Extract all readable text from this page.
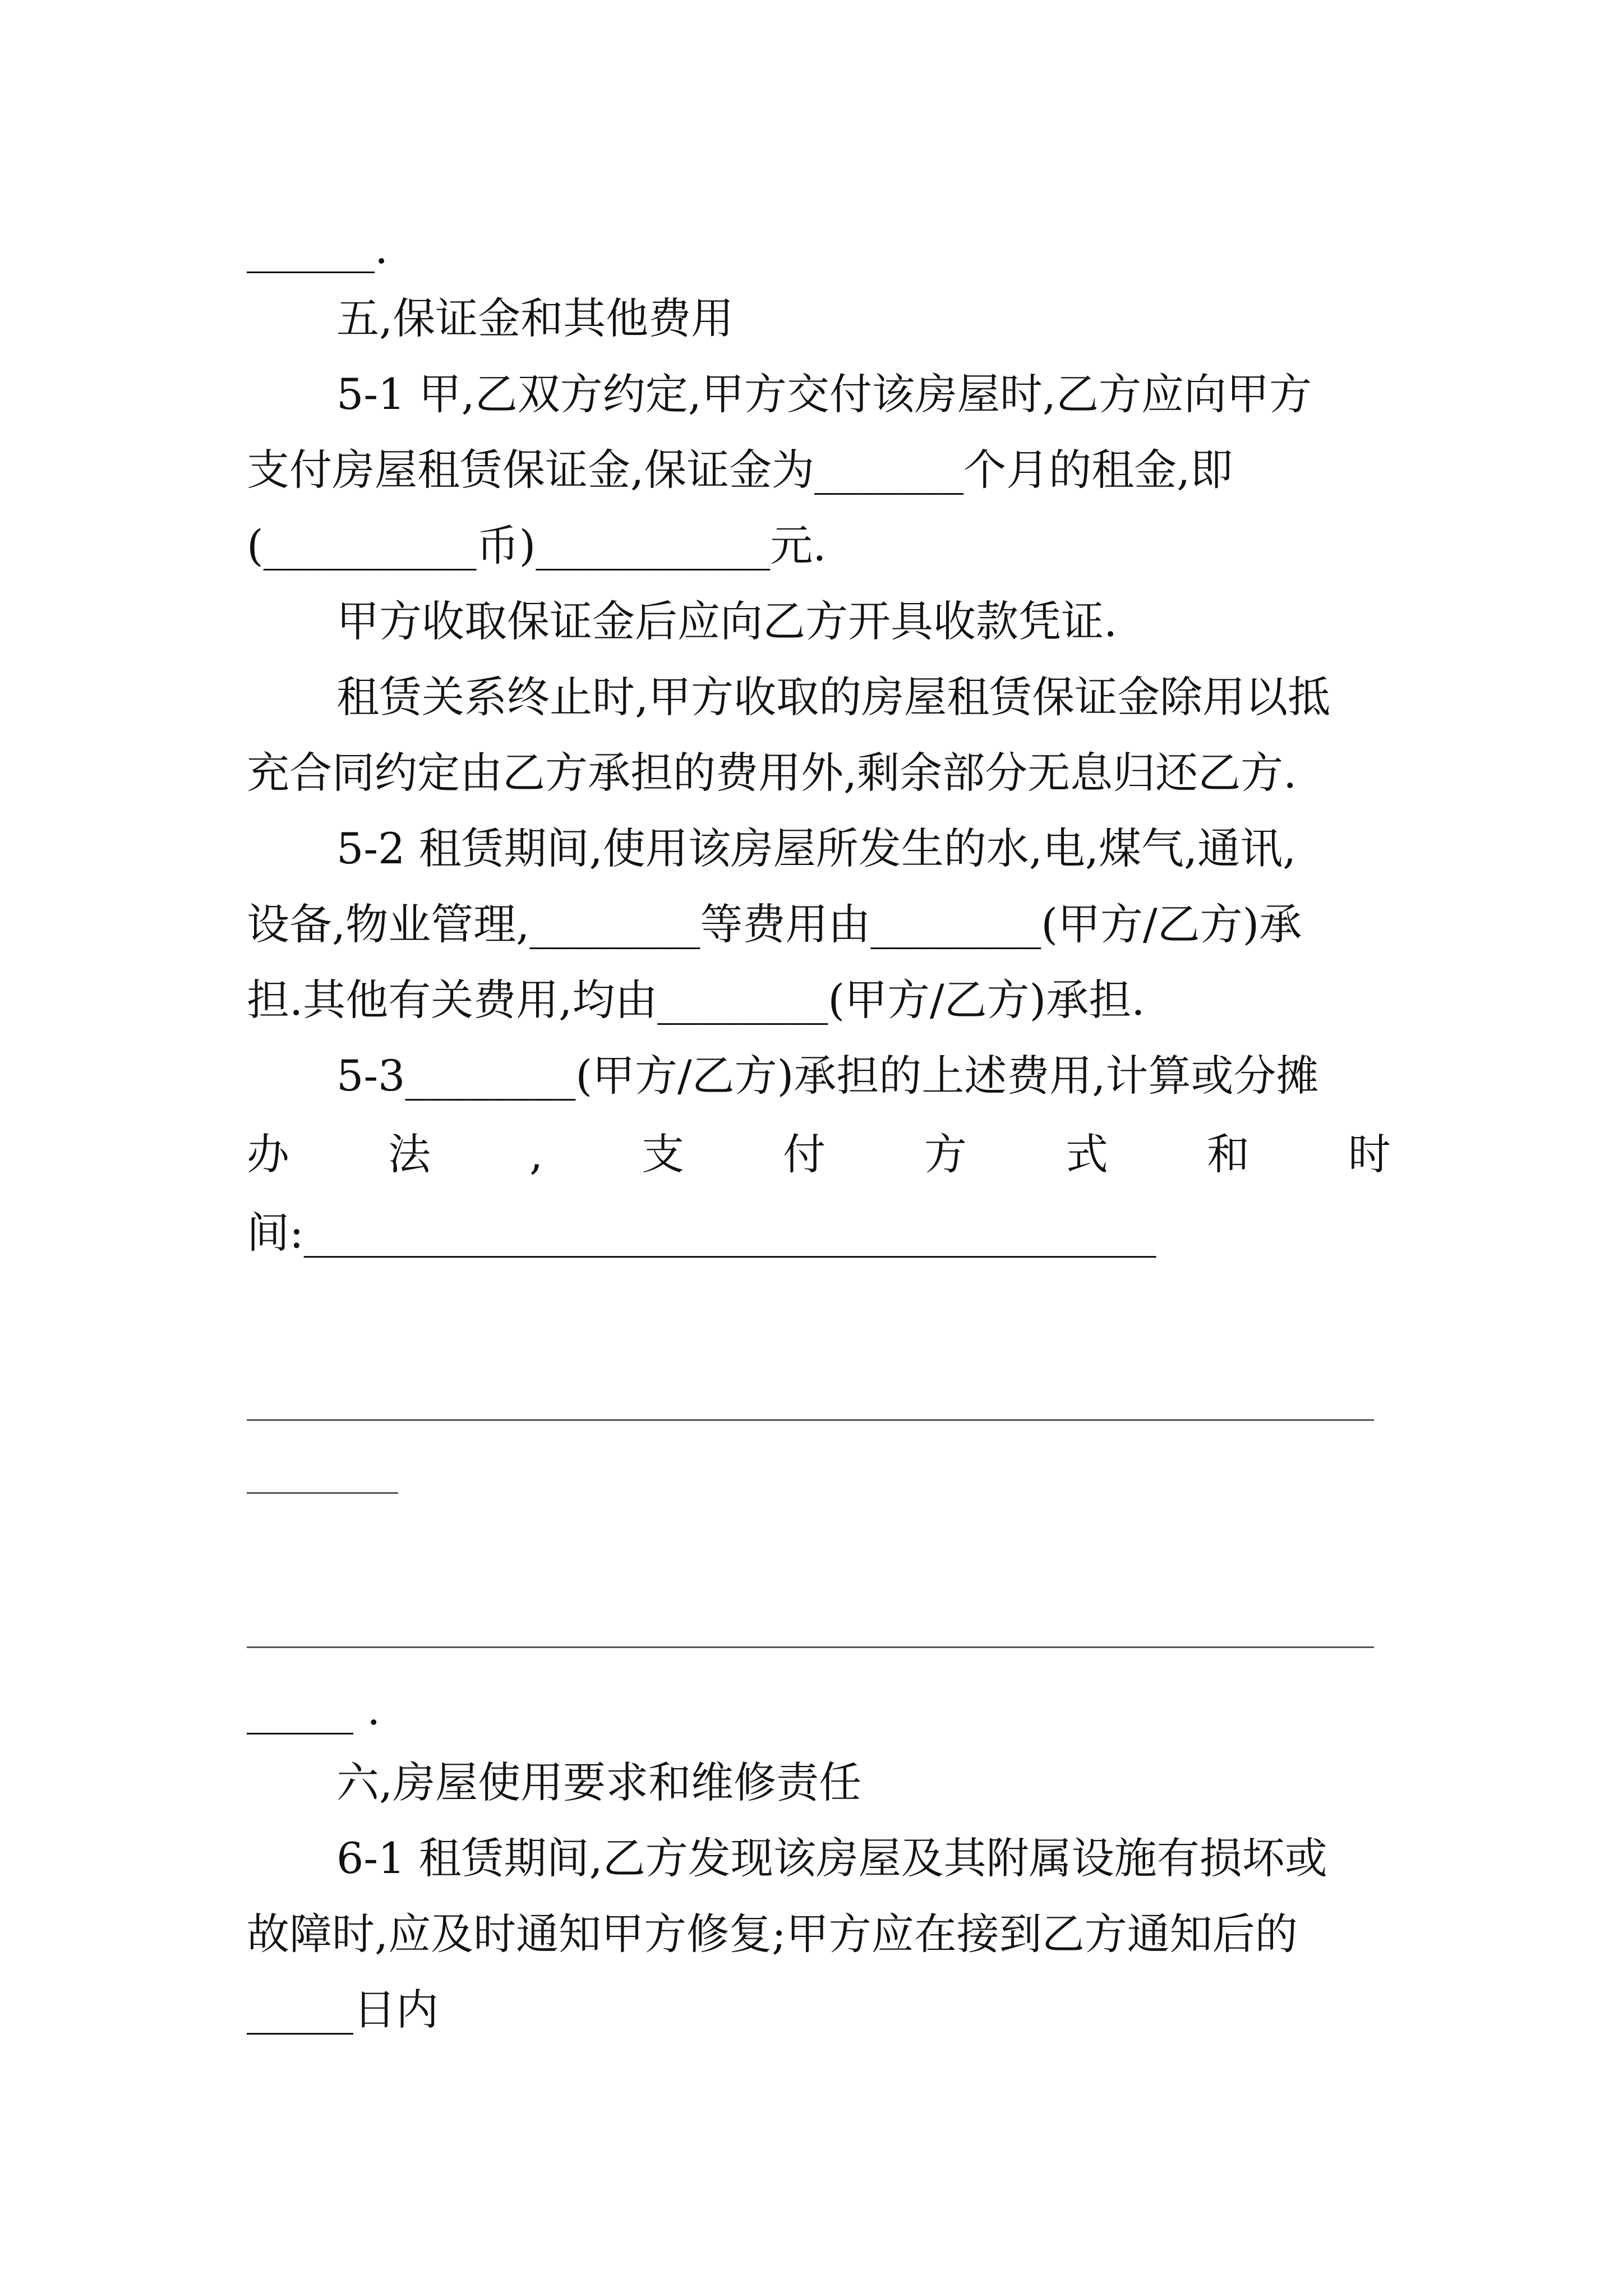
______.
五,保证金和其他费用
5-1 甲,乙双方约定,甲方交付该房屋时,乙方应向甲方
支付房屋租赁保证金,保证金为_______个月的租金,即
(__________币)___________元.
甲方收取保证金后应向乙方开具收款凭证.
租赁关系终止时,甲方收取的房屋租赁保证金除用以抵
充合同约定由乙方承担的费用外,剩余部分无息归还乙方.
5-2 租赁期间,使用该房屋所发生的水,电,煤气,通讯,
设备,物业管理,________等费用由________(甲方/乙方)承
担.其他有关费用,均由________(甲方/乙方)承担.
5-3________(甲方/乙方)承担的上述费用,计算或分摊
办 法 , 支 付 方 式 和 时
间:________________________________________
_____ .
六,房屋使用要求和维修责任
6-1 租赁期间,乙方发现该房屋及其附属设施有损坏或
故障时,应及时通知甲方修复;甲方应在接到乙方通知后的
_____日内
